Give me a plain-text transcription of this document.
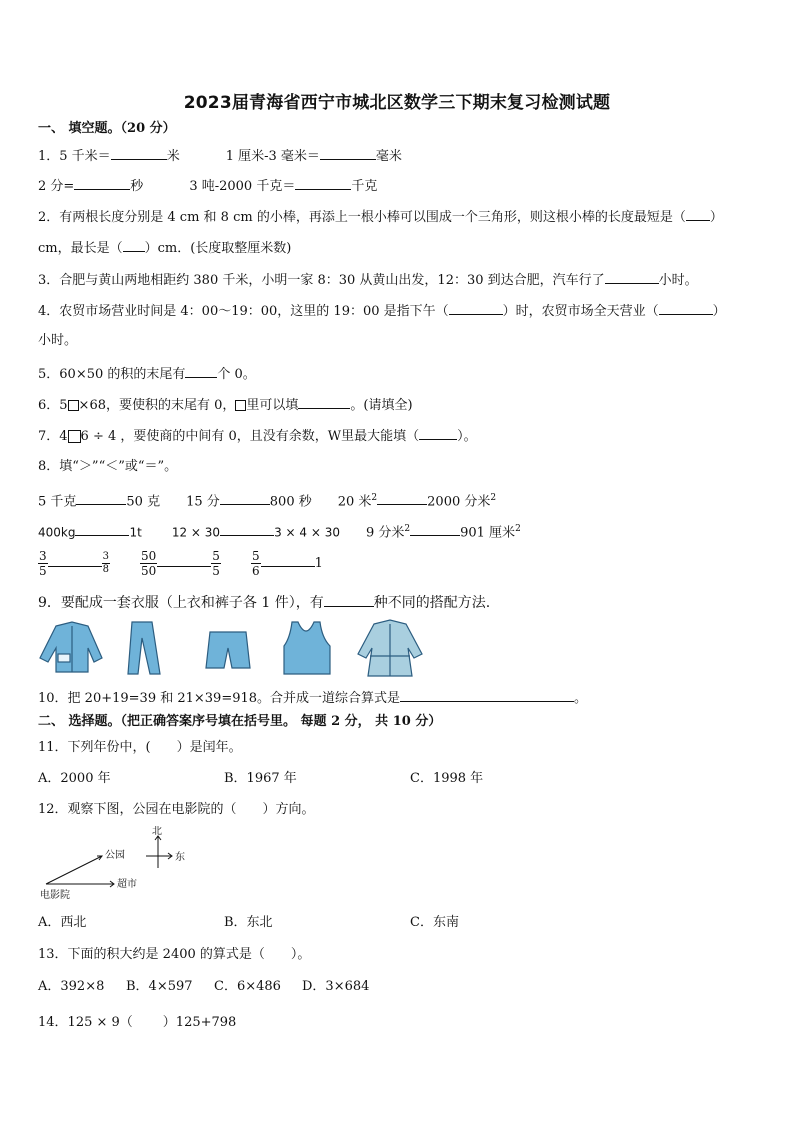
2023届青海省西宁市城北区数学三下期末复习检测试题
一、 填空题。（20 分）
1．5 千米＝	米	1 厘米-3 毫米＝	毫米
2 分=	秒	3 吨-2000 千克＝	千克
2．有两根长度分别是 4 cm 和 8 cm 的小棒，再添上一根小棒可以围成一个三角形，则这根小棒的长度最短是（ ）
cm，最长是（ ）cm．(长度取整厘米数)
3．合肥与黄山两地相距约 380 千米，小明一家 8：30 从黄山出发，12：30 到达合肥，汽车行了	小时。
4．农贸市场营业时间是 4：00～19：00，这里的 19：00 是指下午（	）时，农贸市场全天营业（	）
小时。
5．60×50 的积的末尾有 个 0。
6．5 ×68，要使积的末尾有 0， 里可以填	。(请填全)
7．4 6 ÷ 4 ，要使商的中间有 0，且没有余数，W里最大能填（	）。
8．填“＞”“＜”或“＝”。
5 千克	50 克 15 分	800 秒 20 米$^2$	2000 分米$^2$
400kg	1t	12 × 30	3 × 4 × 30 9 分米$^2$	901 厘米$^2$
$\frac{3}{5}$	$\frac{3}{8}$	$\frac{50}{50}$	$\frac{5}{5}$	$\frac{5}{6}$	1
9．要配成一套衣服（上衣和裤子各 1 件），有	种不同的搭配方法.
10．把 20+19=39 和 21×39=918。合并成一道综合算式是	。
二、 选择题。（把正确答案序号填在括号里。 每题 2 分， 共 10 分）
11．下列年份中，(　　）是闰年。
A．2000 年	B．1967 年	C．1998 年
12．观察下图，公园在电影院的（　　）方向。
北
东
公园
超市
电影院
A．西北	B．东北	C．东南
13．下面的积大约是 2400 的算式是（　　）。
A．392×8 B．4×597 C．6×486 D．3×684
14．125 × 9（ ）125+798
